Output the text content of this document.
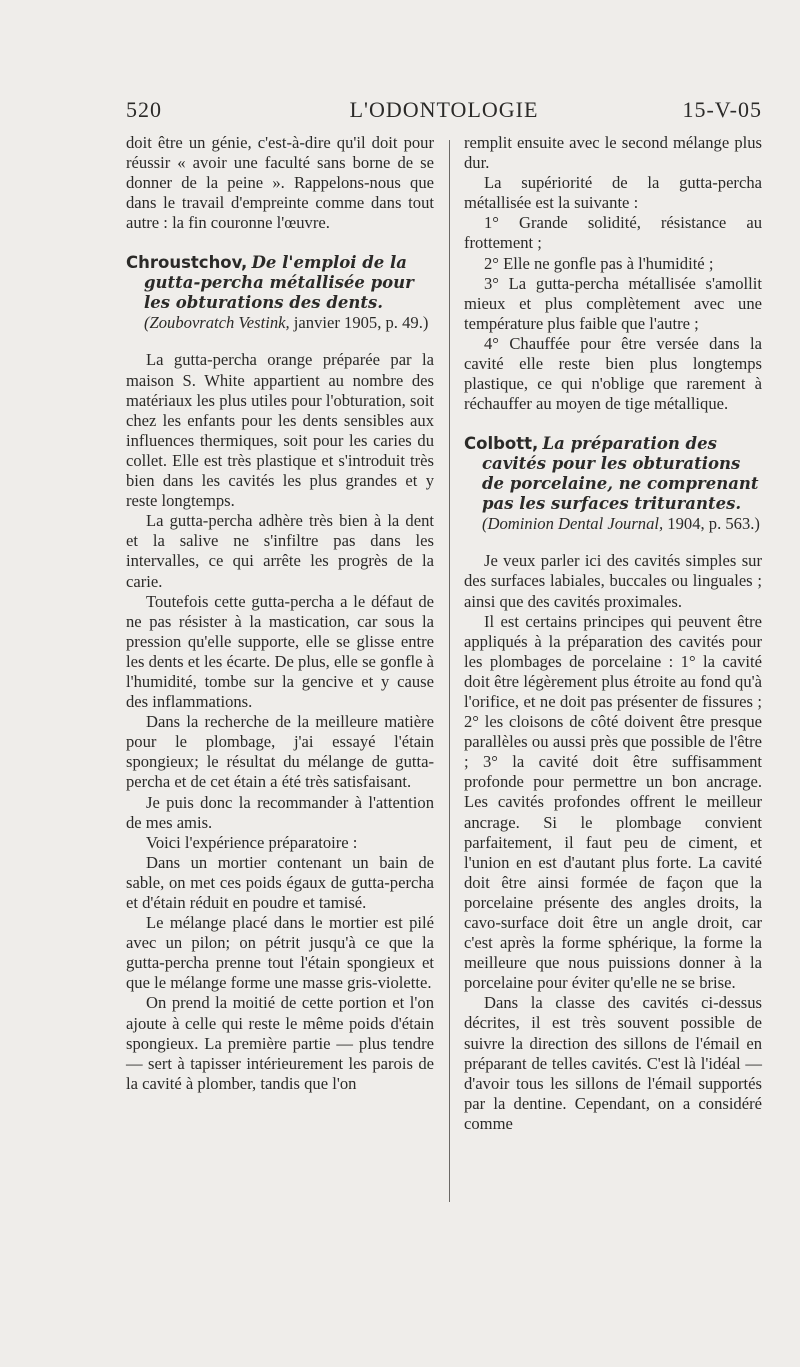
520	L'ODONTOLOGIE	15-V-05

doit être un génie, c'est-à-dire qu'il doit pour réussir « avoir une faculté sans borne de se donner de la peine ». Rappelons-nous que dans le travail d'empreinte comme dans tout autre : la fin couronne l'œuvre.

Chroustchov, De l'emploi de la gutta-percha métallisée pour les obturations des dents. (Zoubovratch Vestink, janvier 1905, p. 49.)

La gutta-percha orange préparée par la maison S. White appartient au nombre des matériaux les plus utiles pour l'obturation, soit chez les enfants pour les dents sensibles aux influences thermiques, soit pour les caries du collet. Elle est très plastique et s'introduit très bien dans les cavités les plus grandes et y reste longtemps.

La gutta-percha adhère très bien à la dent et la salive ne s'infiltre pas dans les intervalles, ce qui arrête les progrès de la carie.

Toutefois cette gutta-percha a le défaut de ne pas résister à la mastication, car sous la pression qu'elle supporte, elle se glisse entre les dents et les écarte. De plus, elle se gonfle à l'humidité, tombe sur la gencive et y cause des inflammations.

Dans la recherche de la meilleure matière pour le plombage, j'ai essayé l'étain spongieux; le résultat du mélange de gutta-percha et de cet étain a été très satisfaisant.

Je puis donc la recommander à l'attention de mes amis.

Voici l'expérience préparatoire :

Dans un mortier contenant un bain de sable, on met ces poids égaux de gutta-percha et d'étain réduit en poudre et tamisé.

Le mélange placé dans le mortier est pilé avec un pilon; on pétrit jusqu'à ce que la gutta-percha prenne tout l'étain spongieux et que le mélange forme une masse gris-violette.

On prend la moitié de cette portion et l'on ajoute à celle qui reste le même poids d'étain spongieux. La première partie — plus tendre — sert à tapisser intérieurement les parois de la cavité à plomber, tandis que l'on

remplit ensuite avec le second mélange plus dur.

La supériorité de la gutta-percha métallisée est la suivante :

1° Grande solidité, résistance au frottement ;

2° Elle ne gonfle pas à l'humidité ;

3° La gutta-percha métallisée s'amollit mieux et plus complètement avec une température plus faible que l'autre ;

4° Chauffée pour être versée dans la cavité elle reste bien plus longtemps plastique, ce qui n'oblige que rarement à réchauffer au moyen de tige métallique.

Colbott, La préparation des cavités pour les obturations de porcelaine, ne comprenant pas les surfaces triturantes. (Dominion Dental Journal, 1904, p. 563.)

Je veux parler ici des cavités simples sur des surfaces labiales, buccales ou linguales ; ainsi que des cavités proximales.

Il est certains principes qui peuvent être appliqués à la préparation des cavités pour les plombages de porcelaine : 1° la cavité doit être légèrement plus étroite au fond qu'à l'orifice, et ne doit pas présenter de fissures ; 2° les cloisons de côté doivent être presque parallèles ou aussi près que possible de l'être ; 3° la cavité doit être suffisamment profonde pour permettre un bon ancrage. Les cavités profondes offrent le meilleur ancrage. Si le plombage convient parfaitement, il faut peu de ciment, et l'union en est d'autant plus forte. La cavité doit être ainsi formée de façon que la porcelaine présente des angles droits, la cavo-surface doit être un angle droit, car c'est après la forme sphérique, la forme la meilleure que nous puissions donner à la porcelaine pour éviter qu'elle ne se brise.

Dans la classe des cavités ci-dessus décrites, il est très souvent possible de suivre la direction des sillons de l'émail en préparant de telles cavités. C'est là l'idéal — d'avoir tous les sillons de l'émail supportés par la dentine. Cependant, on a considéré comme
